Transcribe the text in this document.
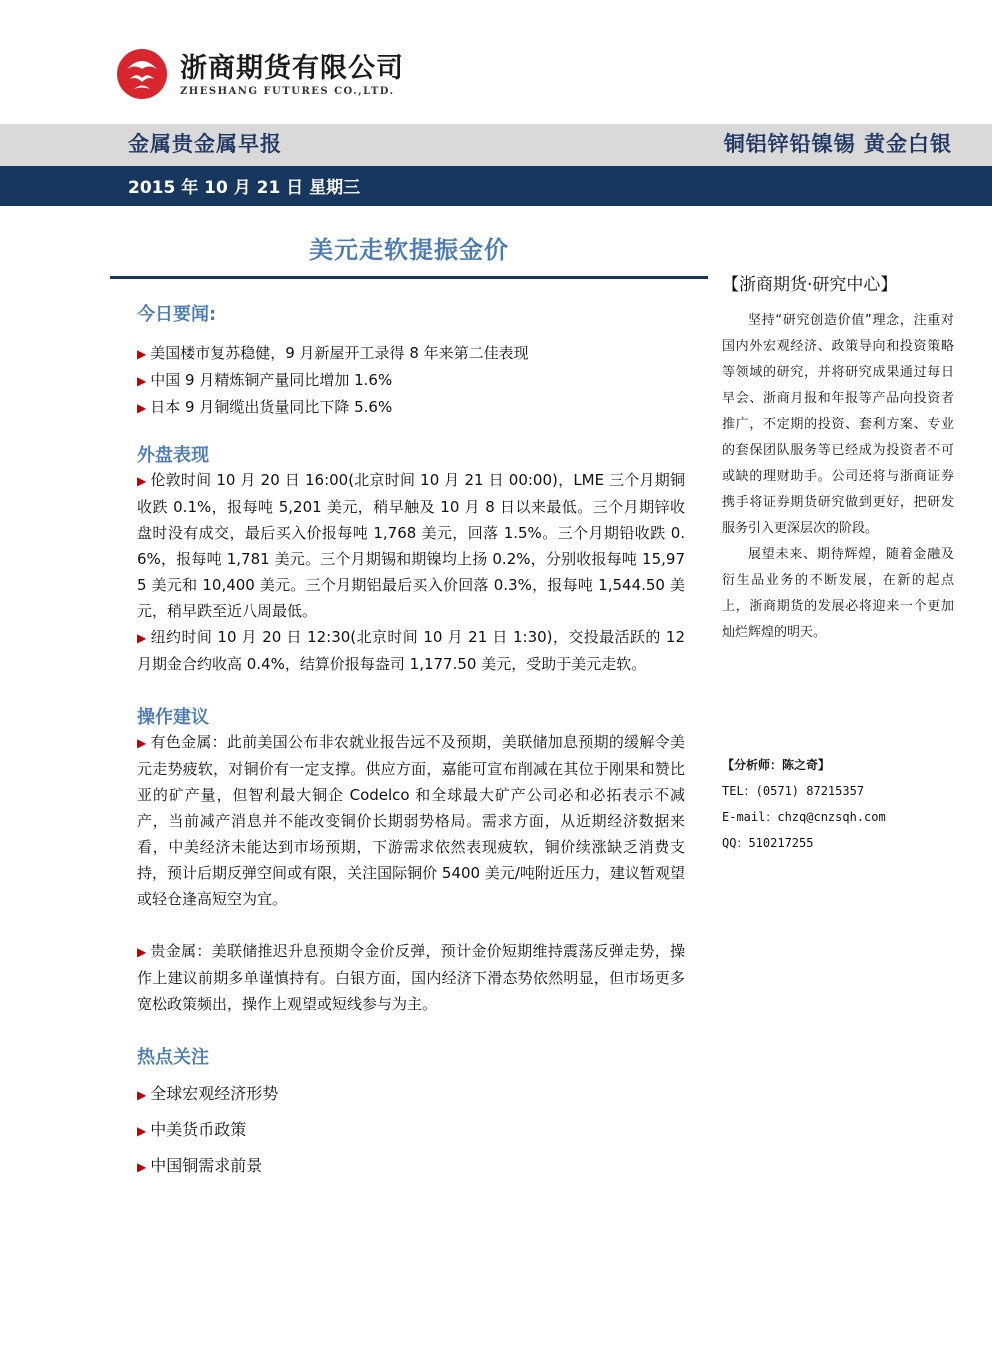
浙商期货有限公司
ZHESHANG FUTURES CO.,LTD.
金属贵金属早报	铜铝锌铅镍锡 黄金白银
2015 年 10 月 21 日 星期三
美元走软提振金价
今日要闻:
▶ 美国楼市复苏稳健，9 月新屋开工录得 8 年来第二佳表现
▶ 中国 9 月精炼铜产量同比增加 1.6%
▶ 日本 9 月铜缆出货量同比下降 5.6%
外盘表现

▶ 伦敦时间 10 月 20 日 16:00(北京时间 10 月 21 日 00:00)，LME 三个月期铜收跌 0.1%，报每吨 5,201 美元，稍早触及 10 月 8 日以来最低。三个月期锌收盘时没有成交，最后买入价报每吨 1,768 美元，回落 1.5%。三个月期铅收跌 0.6%，报每吨 1,781 美元。三个月期锡和期镍均上扬 0.2%，分别收报每吨 15,975 美元和 10,400 美元。三个月期铝最后买入价回落 0.3%，报每吨 1,544.50 美元，稍早跌至近八周最低。

▶ 纽约时间 10 月 20 日 12:30(北京时间 10 月 21 日 1:30)，交投最活跃的 12 月期金合约收高 0.4%，结算价报每盎司 1,177.50 美元，受助于美元走软。

操作建议

▶ 有色金属：此前美国公布非农就业报告远不及预期，美联储加息预期的缓解令美元走势疲软，对铜价有一定支撑。供应方面，嘉能可宣布削减在其位于刚果和赞比亚的矿产量，但智利最大铜企 Codelco 和全球最大矿产公司必和必拓表示不减产，当前减产消息并不能改变铜价长期弱势格局。需求方面，从近期经济数据来看，中美经济未能达到市场预期，下游需求依然表现疲软，铜价续涨缺乏消费支持，预计后期反弹空间或有限，关注国际铜价 5400 美元/吨附近压力，建议暂观望或轻仓逢高短空为宜。

▶ 贵金属：美联储推迟升息预期令金价反弹，预计金价短期维持震荡反弹走势，操作上建议前期多单谨慎持有。白银方面，国内经济下滑态势依然明显，但市场更多宽松政策频出，操作上观望或短线参与为主。

热点关注
▶ 全球宏观经济形势
▶ 中美货币政策
▶ 中国铜需求前景
【浙商期货·研究中心】

坚持“研究创造价值”理念，注重对国内外宏观经济、政策导向和投资策略等领域的研究，并将研究成果通过每日早会、浙商月报和年报等产品向投资者推广，不定期的投资、套利方案、专业的套保团队服务等已经成为投资者不可或缺的理财助手。公司还将与浙商证券携手将证券期货研究做到更好，把研发服务引入更深层次的阶段。

展望未来、期待辉煌，随着金融及衍生品业务的不断发展，在新的起点上，浙商期货的发展必将迎来一个更加灿烂辉煌的明天。

【分析师：陈之奇】
TEL：(0571) 87215357
E-mail：chzq@cnzsqh.com
QQ：510217255
